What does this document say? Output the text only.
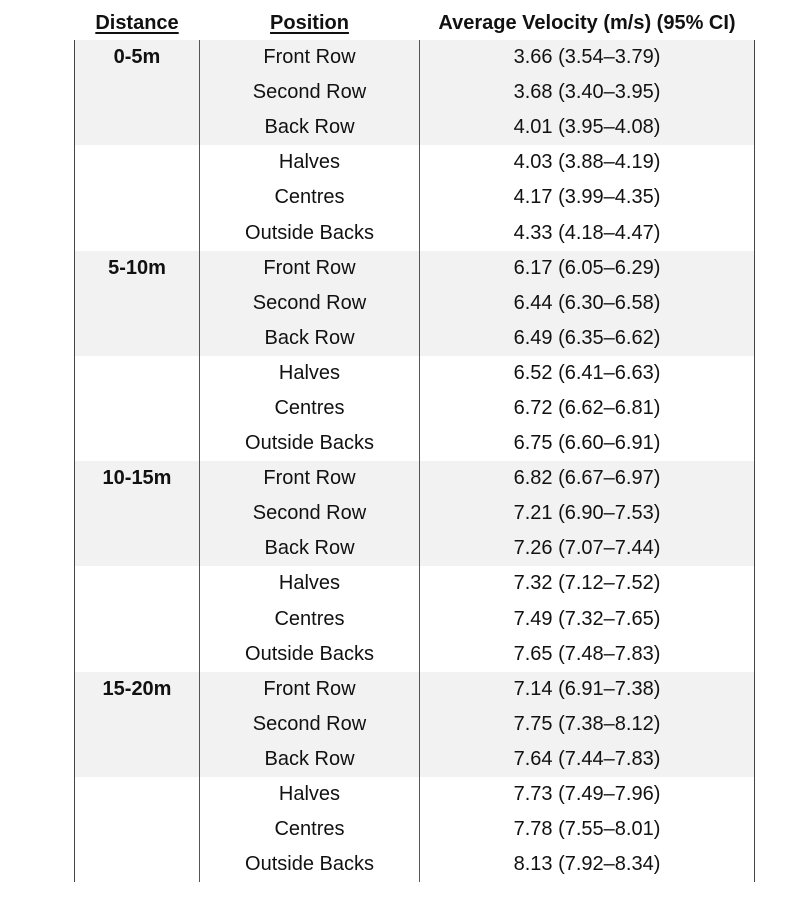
Distance	Position	Average Velocity (m/s) (95% CI)
0-5m	Front Row	3.66 (3.54–3.79)
	Second Row	3.68 (3.40–3.95)
	Back Row	4.01 (3.95–4.08)
	Halves	4.03 (3.88–4.19)
	Centres	4.17 (3.99–4.35)
	Outside Backs	4.33 (4.18–4.47)
5-10m	Front Row	6.17 (6.05–6.29)
	Second Row	6.44 (6.30–6.58)
	Back Row	6.49 (6.35–6.62)
	Halves	6.52 (6.41–6.63)
	Centres	6.72 (6.62–6.81)
	Outside Backs	6.75 (6.60–6.91)
10-15m	Front Row	6.82 (6.67–6.97)
	Second Row	7.21 (6.90–7.53)
	Back Row	7.26 (7.07–7.44)
	Halves	7.32 (7.12–7.52)
	Centres	7.49 (7.32–7.65)
	Outside Backs	7.65 (7.48–7.83)
15-20m	Front Row	7.14 (6.91–7.38)
	Second Row	7.75 (7.38–8.12)
	Back Row	7.64 (7.44–7.83)
	Halves	7.73 (7.49–7.96)
	Centres	7.78 (7.55–8.01)
	Outside Backs	8.13 (7.92–8.34)
